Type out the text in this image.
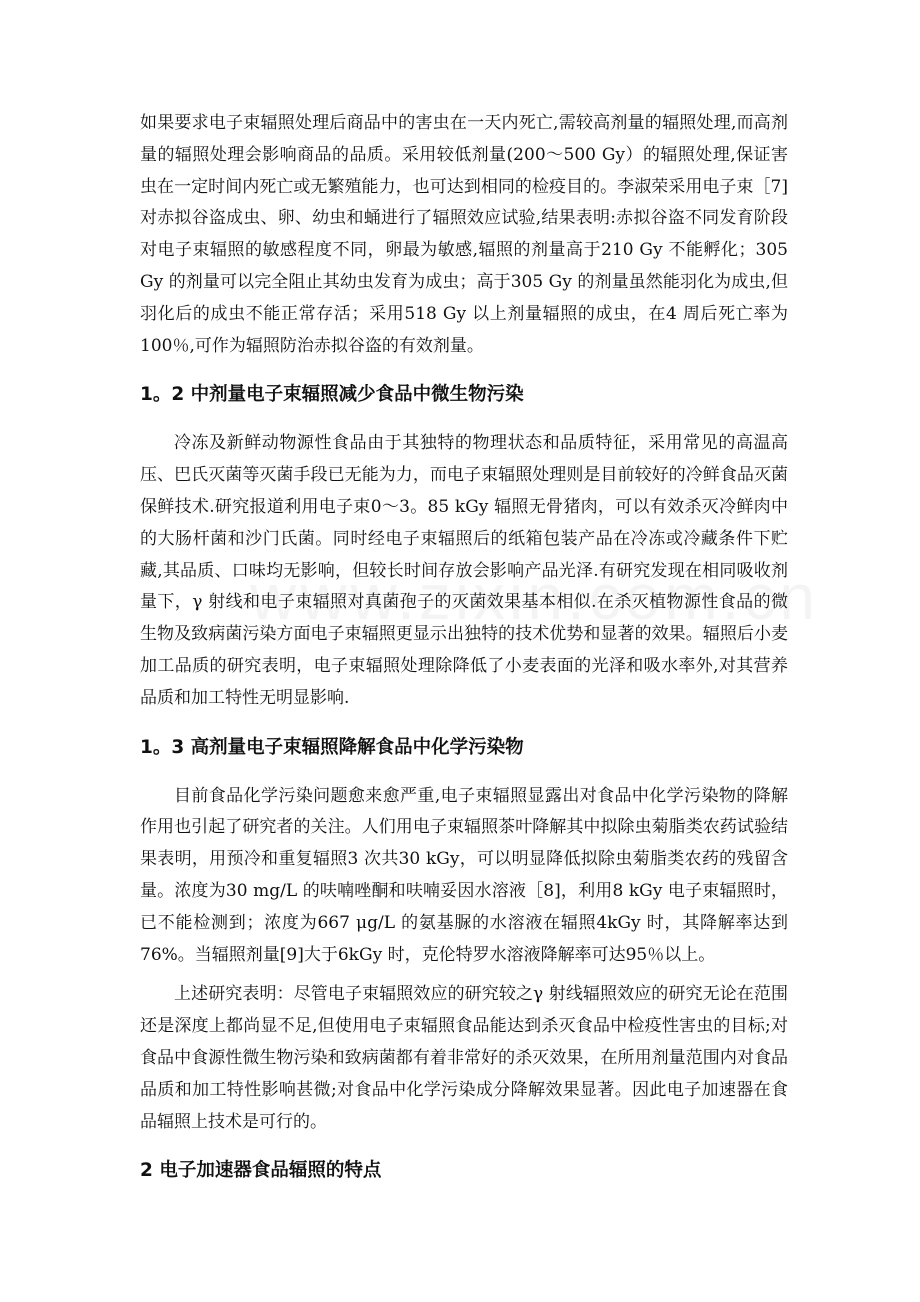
如果要求电子束辐照处理后商品中的害虫在一天内死亡,需较高剂量的辐照处理,而高剂量的辐照处理会影响商品的品质。采用较低剂量(200～500 Gy）的辐照处理,保证害虫在一定时间内死亡或无繁殖能力，也可达到相同的检疫目的。李淑荣采用电子束［7]对赤拟谷盗成虫、卵、幼虫和蛹进行了辐照效应试验,结果表明:赤拟谷盗不同发育阶段对电子束辐照的敏感程度不同，卵最为敏感,辐照的剂量高于210 Gy 不能孵化；305 Gy 的剂量可以完全阻止其幼虫发育为成虫；高于305 Gy 的剂量虽然能羽化为成虫,但羽化后的成虫不能正常存活；采用518 Gy 以上剂量辐照的成虫，在4 周后死亡率为100％,可作为辐照防治赤拟谷盗的有效剂量。

1。2 中剂量电子束辐照减少食品中微生物污染

冷冻及新鲜动物源性食品由于其独特的物理状态和品质特征，采用常见的高温高压、巴氏灭菌等灭菌手段已无能为力，而电子束辐照处理则是目前较好的冷鲜食品灭菌保鲜技术.研究报道利用电子束0～3。85 kGy 辐照无骨猪肉，可以有效杀灭冷鲜肉中的大肠杆菌和沙门氏菌。同时经电子束辐照后的纸箱包装产品在冷冻或冷藏条件下贮藏,其品质、口味均无影响，但较长时间存放会影响产品光泽.有研究发现在相同吸收剂量下，γ 射线和电子束辐照对真菌孢子的灭菌效果基本相似.在杀灭植物源性食品的微生物及致病菌污染方面电子束辐照更显示出独特的技术优势和显著的效果。辐照后小麦加工品质的研究表明，电子束辐照处理除降低了小麦表面的光泽和吸水率外,对其营养品质和加工特性无明显影响.

1。3 高剂量电子束辐照降解食品中化学污染物

目前食品化学污染问题愈来愈严重,电子束辐照显露出对食品中化学污染物的降解作用也引起了研究者的关注。人们用电子束辐照茶叶降解其中拟除虫菊脂类农药试验结果表明，用预冷和重复辐照3 次共30 kGy，可以明显降低拟除虫菊脂类农药的残留含量。浓度为30 mg/L 的呋喃唑酮和呋喃妥因水溶液［8]，利用8 kGy 电子束辐照时，已不能检测到；浓度为667 μg/L 的氨基脲的水溶液在辐照4kGy 时，其降解率达到76%。当辐照剂量[9]大于6kGy 时，克伦特罗水溶液降解率可达95％以上。

上述研究表明：尽管电子束辐照效应的研究较之γ 射线辐照效应的研究无论在范围还是深度上都尚显不足,但使用电子束辐照食品能达到杀灭食品中检疫性害虫的目标;对食品中食源性微生物污染和致病菌都有着非常好的杀灭效果，在所用剂量范围内对食品品质和加工特性影响甚微;对食品中化学污染成分降解效果显著。因此电子加速器在食品辐照上技术是可行的。

2 电子加速器食品辐照的特点
